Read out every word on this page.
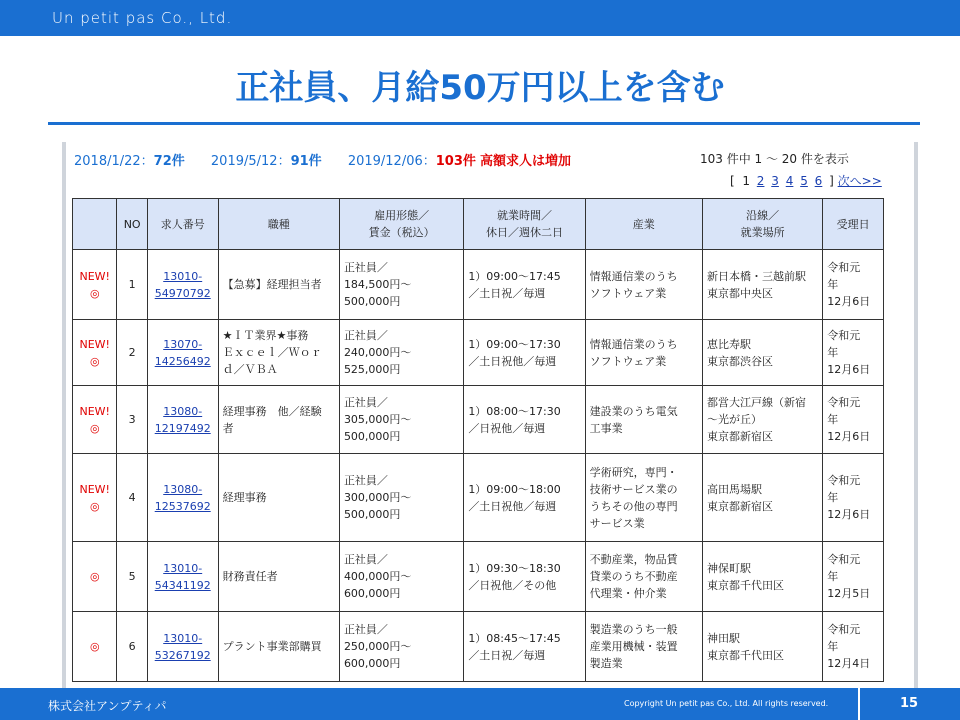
Un petit pas Co., Ltd.
正社員、月給50万円以上を含む
2018/1/22：72件 2019/5/12：91件 2019/12/06：103件 高額求人は増加	103 件中 1 ～ 20 件を表示
[ 1 2 3 4 5 6 ] 次へ>>
	NO	求人番号	職種	雇用形態／
賃金（税込）	就業時間／
休日／週休二日	産業	沿線／
就業場所	受理日
NEW!
◎	1	13010-
54970792	【急募】経理担当者	正社員／
184,500円～
500,000円	1）09:00～17:45
／土日祝／毎週	情報通信業のうち
ソフトウェア業	新日本橋・三越前駅
東京都中央区	令和元
年
12月6日
NEW!
◎	2	13070-
14256492	★ＩＴ業界★事務
Ｅｘｃｅｌ／Ｗｏｒ
ｄ／ＶＢＡ	正社員／
240,000円～
525,000円	1）09:00～17:30
／土日祝他／毎週	情報通信業のうち
ソフトウェア業	恵比寿駅
東京都渋谷区	令和元
年
12月6日
NEW!
◎	3	13080-
12197492	経理事務　他／経験
者	正社員／
305,000円～
500,000円	1）08:00～17:30
／日祝他／毎週	建設業のうち電気
工事業	都営大江戸線（新宿
～光が丘）
東京都新宿区	令和元
年
12月6日
NEW!
◎	4	13080-
12537692	経理事務	正社員／
300,000円～
500,000円	1）09:00～18:00
／土日祝他／毎週	学術研究，専門・
技術サービス業の
うちその他の専門
サービス業	高田馬場駅
東京都新宿区	令和元
年
12月6日
◎	5	13010-
54341192	財務責任者	正社員／
400,000円～
600,000円	1）09:30～18:30
／日祝他／その他	不動産業，物品賃
貸業のうち不動産
代理業・仲介業	神保町駅
東京都千代田区	令和元
年
12月5日
◎	6	13010-
53267192	プラント事業部購買	正社員／
250,000円～
600,000円	1）08:45～17:45
／土日祝／毎週	製造業のうち一般
産業用機械・装置
製造業	神田駅
東京都千代田区	令和元
年
12月4日
株式会社アンプティパ	Copyright Un petit pas Co., Ltd. All rights reserved.	15
